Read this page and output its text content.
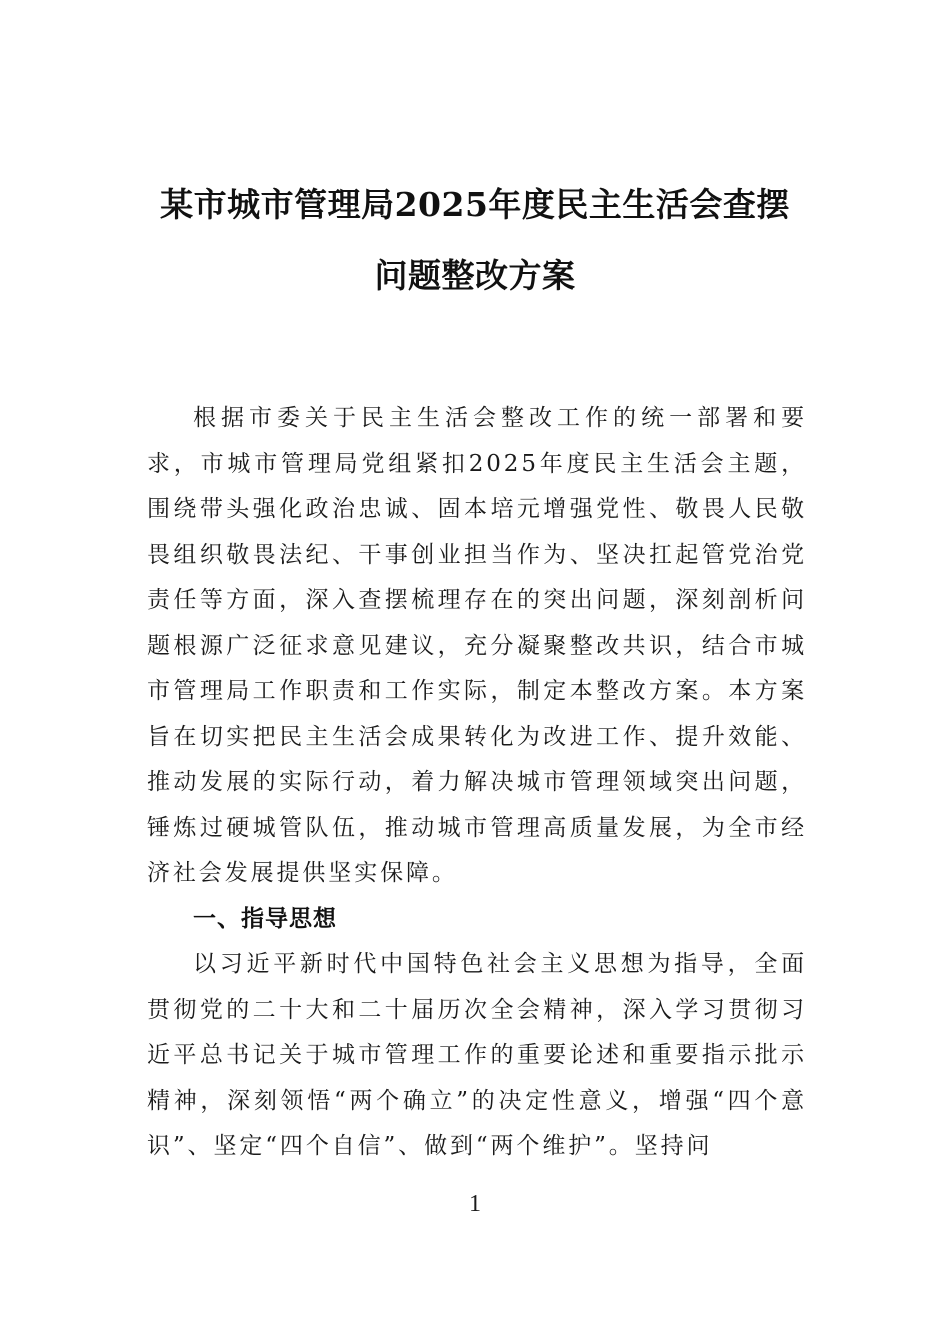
某市城市管理局2025年度民主生活会查摆
问题整改方案

根据市委关于民主生活会整改工作的统一部署和要求，市城市管理局党组紧扣2025年度民主生活会主题，围绕带头强化政治忠诚、固本培元增强党性、敬畏人民敬畏组织敬畏法纪、干事创业担当作为、坚决扛起管党治党责任等方面，深入查摆梳理存在的突出问题，深刻剖析问题根源广泛征求意见建议，充分凝聚整改共识，结合市城市管理局工作职责和工作实际，制定本整改方案。本方案旨在切实把民主生活会成果转化为改进工作、提升效能、推动发展的实际行动，着力解决城市管理领域突出问题，锤炼过硬城管队伍，推动城市管理高质量发展，为全市经济社会发展提供坚实保障。

一、指导思想

以习近平新时代中国特色社会主义思想为指导，全面贯彻党的二十大和二十届历次全会精神，深入学习贯彻习近平总书记关于城市管理工作的重要论述和重要指示批示精神，深刻领悟“两个确立”的决定性意义，增强“四个意识”、坚定“四个自信”、做到“两个维护”。坚持问

1
